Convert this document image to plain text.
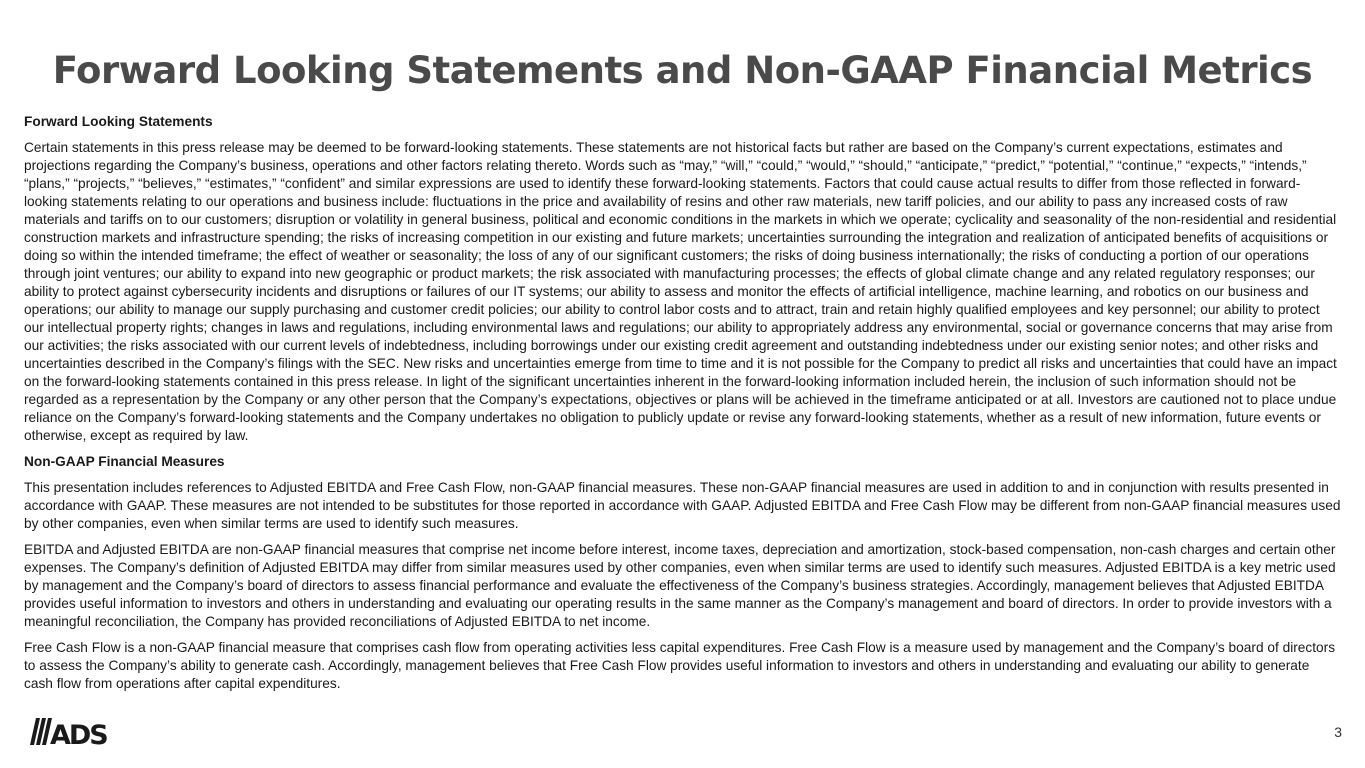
Forward Looking Statements and Non-GAAP Financial Metrics
Forward Looking Statements

Certain statements in this press release may be deemed to be forward-looking statements. These statements are not historical facts but rather are based on the Company’s current expectations, estimates and projections regarding the Company’s business, operations and other factors relating thereto. Words such as “may,” “will,” “could,” “would,” “should,” “anticipate,” “predict,” “potential,” “continue,” “expects,” “intends,” “plans,” “projects,” “believes,” “estimates,” “confident” and similar expressions are used to identify these forward-looking statements. Factors that could cause actual results to differ from those reflected in forward-looking statements relating to our operations and business include: fluctuations in the price and availability of resins and other raw materials, new tariff policies, and our ability to pass any increased costs of raw materials and tariffs on to our customers; disruption or volatility in general business, political and economic conditions in the markets in which we operate; cyclicality and seasonality of the non-residential and residential construction markets and infrastructure spending; the risks of increasing competition in our existing and future markets; uncertainties surrounding the integration and realization of anticipated benefits of acquisitions or doing so within the intended timeframe; the effect of weather or seasonality; the loss of any of our significant customers; the risks of doing business internationally; the risks of conducting a portion of our operations through joint ventures; our ability to expand into new geographic or product markets; the risk associated with manufacturing processes; the effects of global climate change and any related regulatory responses; our ability to protect against cybersecurity incidents and disruptions or failures of our IT systems; our ability to assess and monitor the effects of artificial intelligence, machine learning, and robotics on our business and operations; our ability to manage our supply purchasing and customer credit policies; our ability to control labor costs and to attract, train and retain highly qualified employees and key personnel; our ability to protect our intellectual property rights; changes in laws and regulations, including environmental laws and regulations; our ability to appropriately address any environmental, social or governance concerns that may arise from our activities; the risks associated with our current levels of indebtedness, including borrowings under our existing credit agreement and outstanding indebtedness under our existing senior notes; and other risks and uncertainties described in the Company’s filings with the SEC. New risks and uncertainties emerge from time to time and it is not possible for the Company to predict all risks and uncertainties that could have an impact on the forward-looking statements contained in this press release. In light of the significant uncertainties inherent in the forward-looking information included herein, the inclusion of such information should not be regarded as a representation by the Company or any other person that the Company’s expectations, objectives or plans will be achieved in the timeframe anticipated or at all. Investors are cautioned not to place undue reliance on the Company’s forward-looking statements and the Company undertakes no obligation to publicly update or revise any forward-looking statements, whether as a result of new information, future events or otherwise, except as required by law.

Non-GAAP Financial Measures

This presentation includes references to Adjusted EBITDA and Free Cash Flow, non-GAAP financial measures. These non-GAAP financial measures are used in addition to and in conjunction with results presented in accordance with GAAP. These measures are not intended to be substitutes for those reported in accordance with GAAP. Adjusted EBITDA and Free Cash Flow may be different from non-GAAP financial measures used by other companies, even when similar terms are used to identify such measures.

EBITDA and Adjusted EBITDA are non-GAAP financial measures that comprise net income before interest, income taxes, depreciation and amortization, stock-based compensation, non-cash charges and certain other expenses. The Company’s definition of Adjusted EBITDA may differ from similar measures used by other companies, even when similar terms are used to identify such measures. Adjusted EBITDA is a key metric used by management and the Company’s board of directors to assess financial performance and evaluate the effectiveness of the Company’s business strategies. Accordingly, management believes that Adjusted EBITDA provides useful information to investors and others in understanding and evaluating our operating results in the same manner as the Company’s management and board of directors. In order to provide investors with a meaningful reconciliation, the Company has provided reconciliations of Adjusted EBITDA to net income.

Free Cash Flow is a non-GAAP financial measure that comprises cash flow from operating activities less capital expenditures. Free Cash Flow is a measure used by management and the Company’s board of directors to assess the Company’s ability to generate cash. Accordingly, management believes that Free Cash Flow provides useful information to investors and others in understanding and evaluating our ability to generate cash flow from operations after capital expenditures.

ADS	3
